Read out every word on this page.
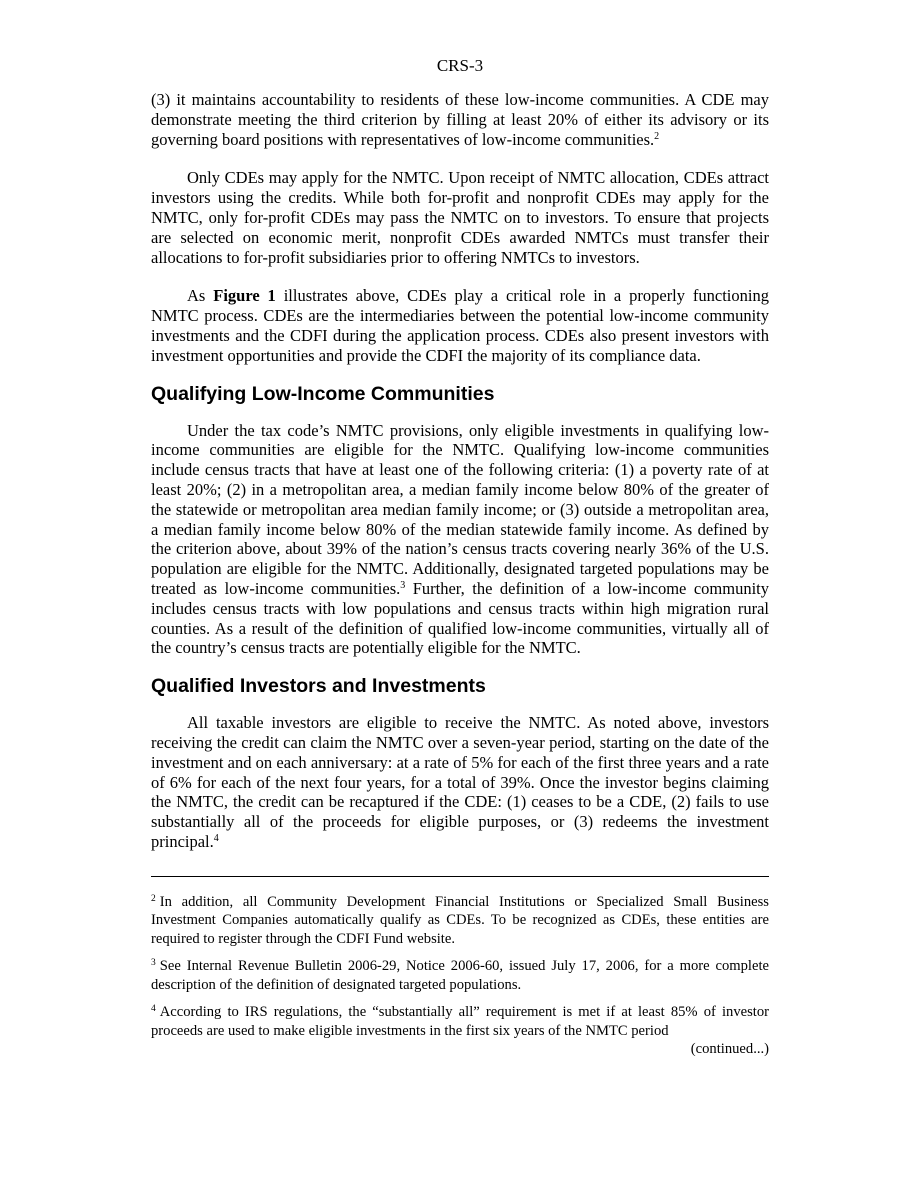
CRS-3

(3) it maintains accountability to residents of these low-income communities. A CDE may demonstrate meeting the third criterion by filling at least 20% of either its advisory or its governing board positions with representatives of low-income communities.$^2$

Only CDEs may apply for the NMTC. Upon receipt of NMTC allocation, CDEs attract investors using the credits. While both for-profit and nonprofit CDEs may apply for the NMTC, only for-profit CDEs may pass the NMTC on to investors. To ensure that projects are selected on economic merit, nonprofit CDEs awarded NMTCs must transfer their allocations to for-profit subsidiaries prior to offering NMTCs to investors.

As Figure 1 illustrates above, CDEs play a critical role in a properly functioning NMTC process. CDEs are the intermediaries between the potential low-income community investments and the CDFI during the application process. CDEs also present investors with investment opportunities and provide the CDFI the majority of its compliance data.

Qualifying Low-Income Communities

Under the tax code’s NMTC provisions, only eligible investments in qualifying low-income communities are eligible for the NMTC. Qualifying low-income communities include census tracts that have at least one of the following criteria: (1) a poverty rate of at least 20%; (2) in a metropolitan area, a median family income below 80% of the greater of the statewide or metropolitan area median family income; or (3) outside a metropolitan area, a median family income below 80% of the median statewide family income. As defined by the criterion above, about 39% of the nation’s census tracts covering nearly 36% of the U.S. population are eligible for the NMTC. Additionally, designated targeted populations may be treated as low-income communities.$^3$ Further, the definition of a low-income community includes census tracts with low populations and census tracts within high migration rural counties. As a result of the definition of qualified low-income communities, virtually all of the country’s census tracts are potentially eligible for the NMTC.

Qualified Investors and Investments

All taxable investors are eligible to receive the NMTC. As noted above, investors receiving the credit can claim the NMTC over a seven-year period, starting on the date of the investment and on each anniversary: at a rate of 5% for each of the first three years and a rate of 6% for each of the next four years, for a total of 39%. Once the investor begins claiming the NMTC, the credit can be recaptured if the CDE: (1) ceases to be a CDE, (2) fails to use substantially all of the proceeds for eligible purposes, or (3) redeems the investment principal.$^4$

$^2$ In addition, all Community Development Financial Institutions or Specialized Small Business Investment Companies automatically qualify as CDEs. To be recognized as CDEs, these entities are required to register through the CDFI Fund website.

$^3$ See Internal Revenue Bulletin 2006-29, Notice 2006-60, issued July 17, 2006, for a more complete description of the definition of designated targeted populations.

$^4$ According to IRS regulations, the “substantially all” requirement is met if at least 85% of investor proceeds are used to make eligible investments in the first six years of the NMTC period
(continued...)
